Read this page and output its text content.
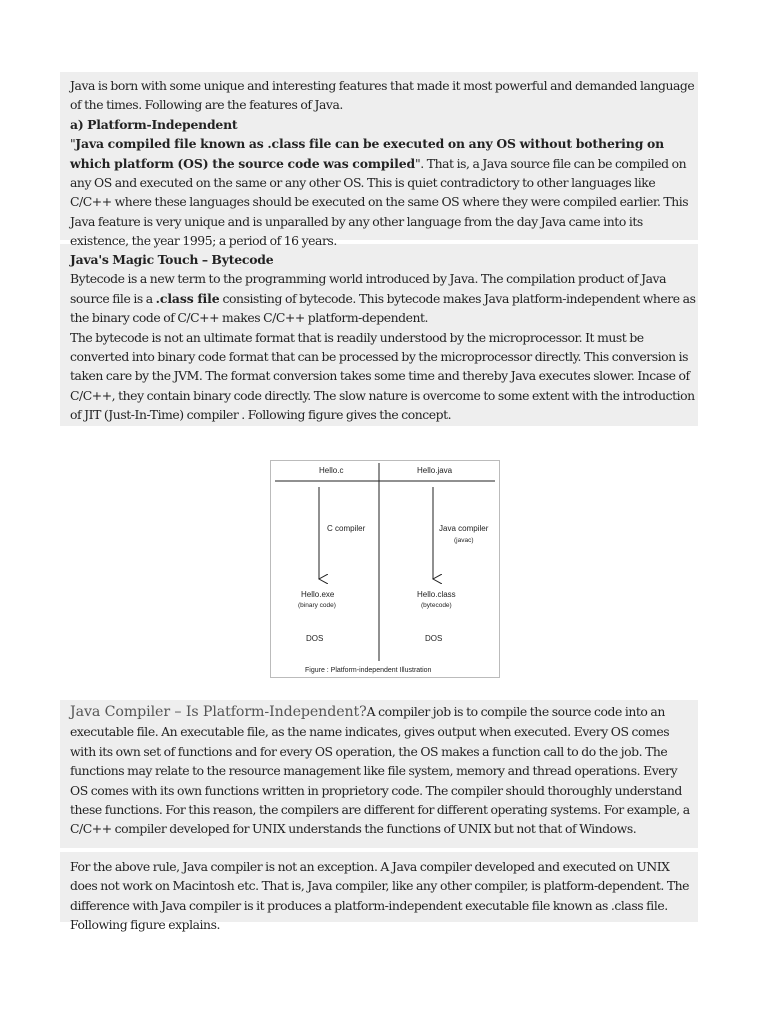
Java is born with some unique and interesting features that made it most powerful and demanded language of the times. Following are the features of Java.

a) Platform-Independent

"Java compiled file known as .class file can be executed on any OS without bothering on which platform (OS) the source code was compiled". That is, a Java source file can be compiled on any OS and executed on the same or any other OS. This is quiet contradictory to other languages like C/C++ where these languages should be executed on the same OS where they were compiled earlier. This Java feature is very unique and is unparalled by any other language from the day Java came into its existence, the year 1995; a period of 16 years.

Java's Magic Touch – Bytecode

Bytecode is a new term to the programming world introduced by Java. The compilation product of Java source file is a .class file consisting of bytecode. This bytecode makes Java platform-independent where as the binary code of C/C++ makes C/C++ platform-dependent.

The bytecode is not an ultimate format that is readily understood by the microprocessor. It must be converted into binary code format that can be processed by the microprocessor directly. This conversion is taken care by the JVM. The format conversion takes some time and thereby Java executes slower. Incase of C/C++, they contain binary code directly. The slow nature is overcome to some extent with the introduction of JIT (Just-In-Time) compiler . Following figure gives the concept.

Hello.c	Hello.java
C compiler	Java compiler
(javac)
Hello.exe
(binary code)
Hello.class
(bytecode)
DOS	DOS
Figure : Platform-independent Illustration

Java Compiler – Is Platform-Independent?A compiler job is to compile the source code into an executable file. An executable file, as the name indicates, gives output when executed. Every OS comes with its own set of functions and for every OS operation, the OS makes a function call to do the job. The functions may relate to the resource management like file system, memory and thread operations. Every OS comes with its own functions written in proprietory code. The compiler should thoroughly understand these functions. For this reason, the compilers are different for different operating systems. For example, a C/C++ compiler developed for UNIX understands the functions of UNIX but not that of Windows.

For the above rule, Java compiler is not an exception. A Java compiler developed and executed on UNIX does not work on Macintosh etc. That is, Java compiler, like any other compiler, is platform-dependent. The difference with Java compiler is it produces a platform-independent executable file known as .class file. Following figure explains.
